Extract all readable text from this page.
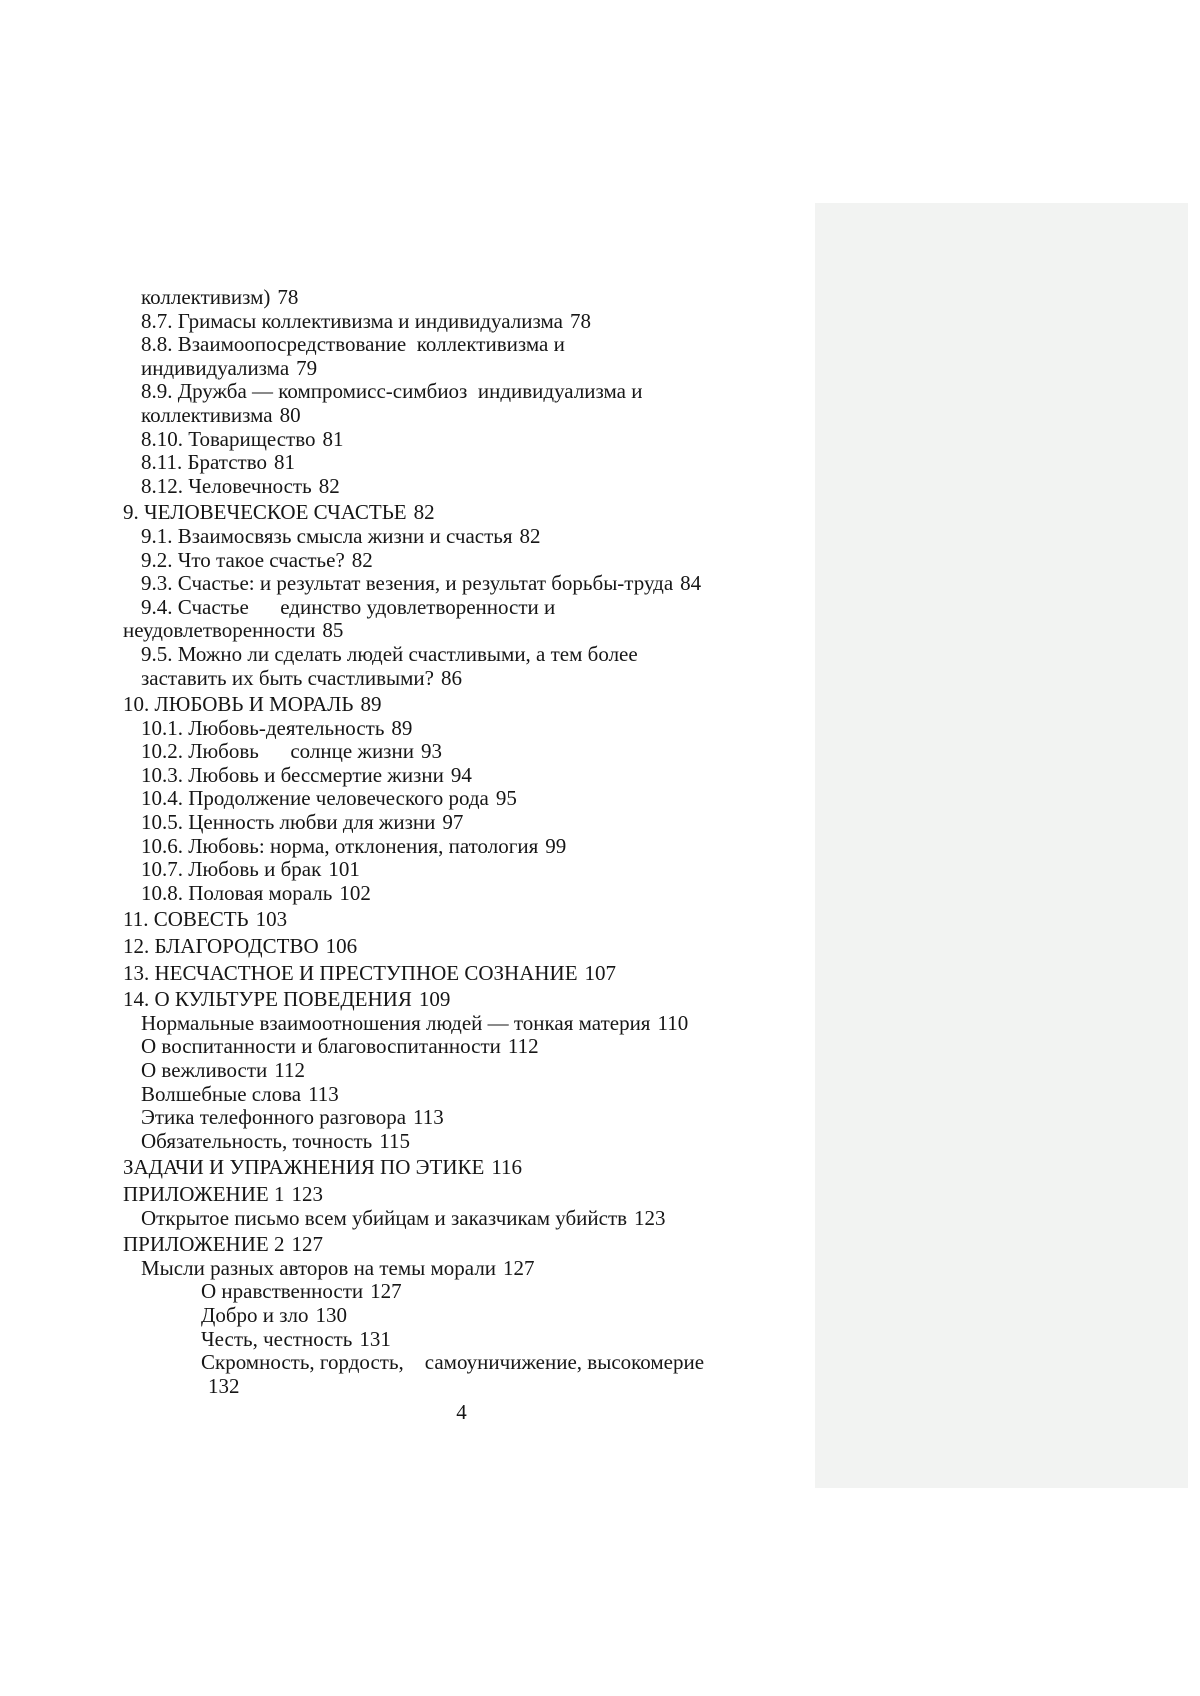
коллективизм) 78
8.7. Гримасы коллективизма и индивидуализма 78
8.8. Взаимоопосредствование  коллективизма и
индивидуализма 79
8.9. Дружба — компромисс-симбиоз  индивидуализма и
коллективизма 80
8.10. Товарищество 81
8.11. Братство 81
8.12. Человечность 82
9. ЧЕЛОВЕЧЕСКОЕ СЧАСТЬЕ 82
9.1. Взаимосвязь смысла жизни и счастья 82
9.2. Что такое счастье? 82
9.3. Счастье: и результат везения, и результат борьбы-труда 84
9.4. Счастье      единство удовлетворенности и
неудовлетворенности 85
9.5. Можно ли сделать людей счастливыми, а тем более
заставить их быть счастливыми? 86
10. ЛЮБОВЬ И МОРАЛЬ 89
10.1. Любовь-деятельность 89
10.2. Любовь      солнце жизни 93
10.3. Любовь и бессмертие жизни 94
10.4. Продолжение человеческого рода 95
10.5. Ценность любви для жизни 97
10.6. Любовь: норма, отклонения, патология 99
10.7. Любовь и брак 101
10.8. Половая мораль 102
11. СОВЕСТЬ 103
12. БЛАГОРОДСТВО 106
13. НЕСЧАСТНОЕ И ПРЕСТУПНОЕ СОЗНАНИЕ 107
14. О КУЛЬТУРЕ ПОВЕДЕНИЯ 109
Нормальные взаимоотношения людей — тонкая материя 110
О воспитанности и благовоспитанности 112
О вежливости 112
Волшебные слова 113
Этика телефонного разговора 113
Обязательность, точность 115
ЗАДАЧИ И УПРАЖНЕНИЯ ПО ЭТИКЕ 116
ПРИЛОЖЕНИЕ 1 123
Открытое письмо всем убийцам и заказчикам убийств 123
ПРИЛОЖЕНИЕ 2 127
Мысли разных авторов на темы морали 127
О нравственности 127
Добро и зло 130
Честь, честность 131
Скромность, гордость,    самоуничижение, высокомерие
132
4
